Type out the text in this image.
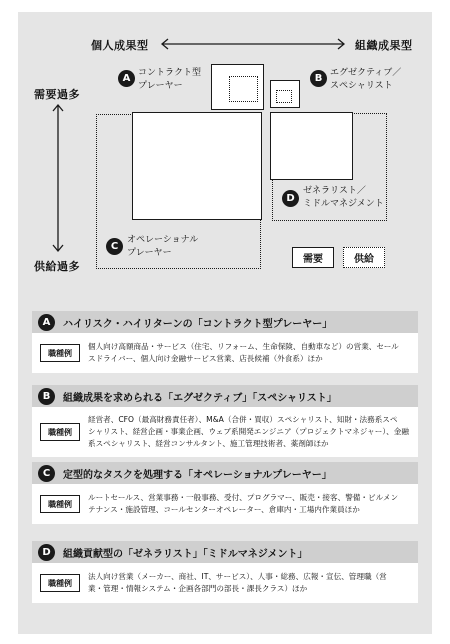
個人成果型	組織成果型
需要過多
供給過多
A コントラクト型
プレーヤー
B エグゼクティブ／
スペシャリスト
C
オペレーショナル
プレーヤー
D
ゼネラリスト／
ミドルマネジメント
需要	供給
A	ハイリスク・ハイリターンの「コントラクト型プレーヤー」
職種例
個人向け高額商品・サービス（住宅、リフォーム、生命保険、自動車など）の営業、セール
スドライバー、個人向け金融サービス営業、店長候補（外食系）ほか
B	組織成果を求められる「エグゼクティブ」「スペシャリスト」
職種例
経営者、CFO（最高財務責任者）、M&A（合併・買収）スペシャリスト、知財・法務系スペ
シャリスト、経営企画・事業企画、ウェブ系開発エンジニア（プロジェクトマネジャー）、金融
系スペシャリスト、経営コンサルタント、施工管理技術者、薬剤師ほか
C	定型的なタスクを処理する「オペレーショナルプレーヤー」
職種例
ルートセールス、営業事務・一般事務、受付、プログラマー、販売・接客、警備・ビルメン
テナンス・施設管理、コールセンターオペレーター、倉庫内・工場内作業員ほか
D	組織貢献型の「ゼネラリスト」「ミドルマネジメント」
職種例
法人向け営業（メーカー、商社、IT、サービス）、人事・総務、広報・宣伝、管理職（営
業・管理・情報システム・企画各部門の部長・課長クラス）ほか
